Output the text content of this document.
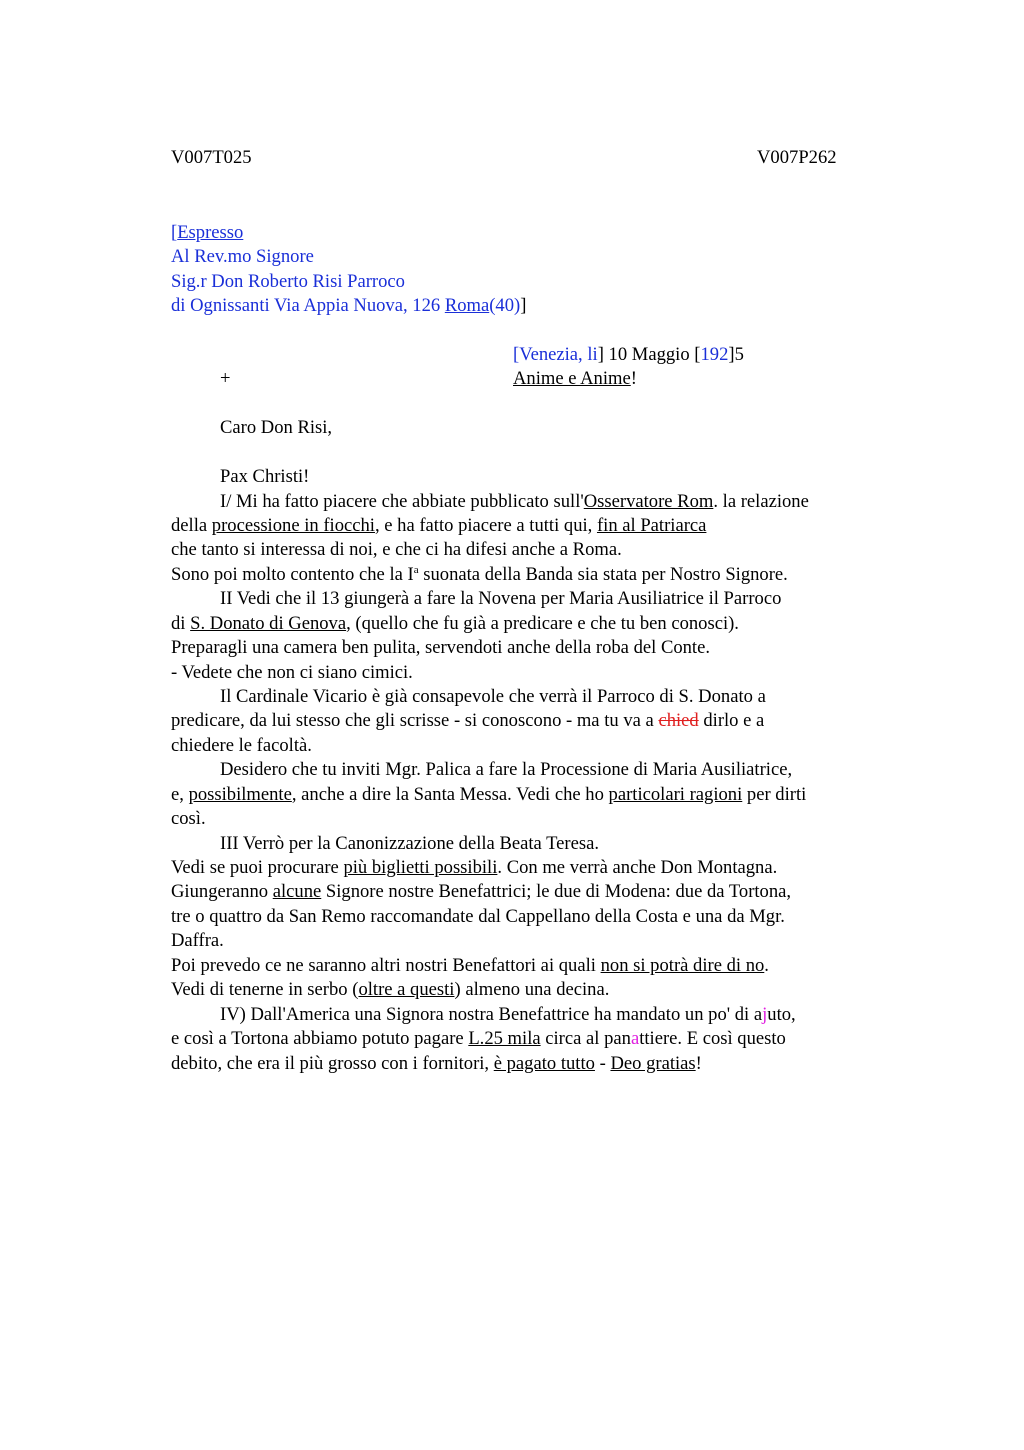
V007T025	V007P262
[Espresso
Al Rev.mo Signore
Sig.r Don Roberto Risi Parroco
di Ognissanti Via Appia Nuova, 126 Roma(40)]
[Venezia, li] 10 Maggio [192]5
+	Anime e Anime!
Caro Don Risi,
Pax Christi!
I/ Mi ha fatto piacere che abbiate pubblicato sull'Osservatore Rom. la relazione
della processione in fiocchi, e ha fatto piacere a tutti qui, fin al Patriarca
che tanto si interessa di noi, e che ci ha difesi anche a Roma.
Sono poi molto contento che la $I^a$ suonata della Banda sia stata per Nostro Signore.
II Vedi che il 13 giungerà a fare la Novena per Maria Ausiliatrice il Parroco
di S. Donato di Genova, (quello che fu già a predicare e che tu ben conosci).
Preparagli una camera ben pulita, servendoti anche della roba del Conte.
- Vedete che non ci siano cimici.
Il Cardinale Vicario è già consapevole che verrà il Parroco di S. Donato a
predicare, da lui stesso che gli scrisse - si conoscono - ma tu va a chied dirlo e a
chiedere le facoltà.
Desidero che tu inviti Mgr. Palica a fare la Processione di Maria Ausiliatrice,
e, possibilmente, anche a dire la Santa Messa. Vedi che ho particolari ragioni per dirti
così.
III Verrò per la Canonizzazione della Beata Teresa.
Vedi se puoi procurare più biglietti possibili. Con me verrà anche Don Montagna.
Giungeranno alcune Signore nostre Benefattrici; le due di Modena: due da Tortona,
tre o quattro da San Remo raccomandate dal Cappellano della Costa e una da Mgr.
Daffra.
Poi prevedo ce ne saranno altri nostri Benefattori ai quali non si potrà dire di no.
Vedi di tenerne in serbo (oltre a questi) almeno una decina.
IV) Dall'America una Signora nostra Benefattrice ha mandato un po' di ajuto,
e così a Tortona abbiamo potuto pagare L.25 mila circa al panattiere. E così questo
debito, che era il più grosso con i fornitori, è pagato tutto - Deo gratias!
